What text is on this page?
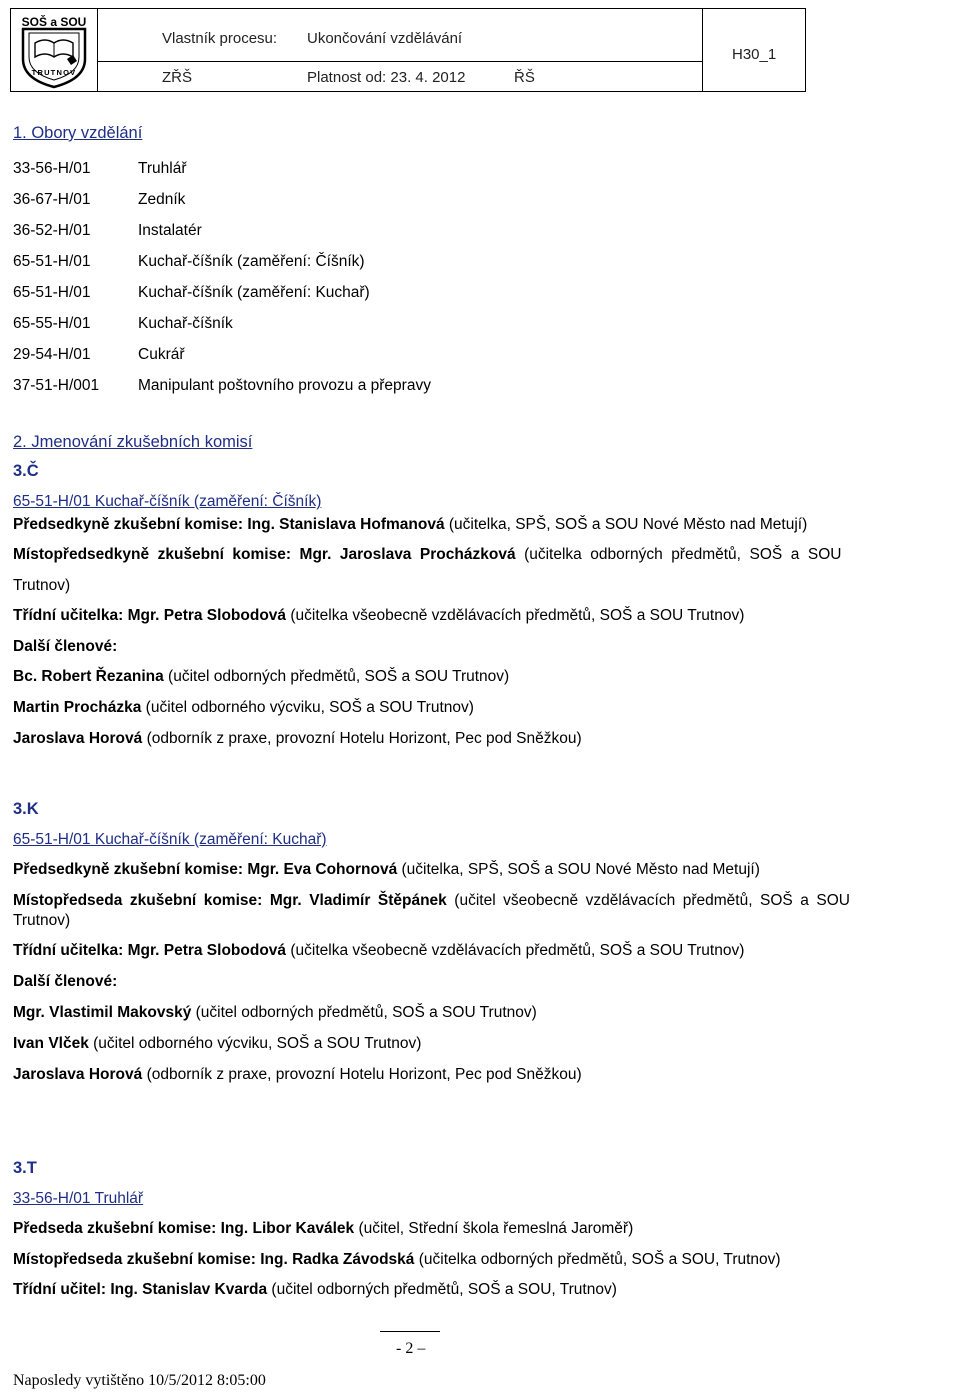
SOŠ a SOU
TRUTNOV
Vlastník procesu: Ukončování vzdělávání
ZŘŠ	Platnost od: 23. 4. 2012	ŘŠ
H30_1
1. Obory vzdělání
33-56-H/01	Truhlář
36-67-H/01	Zedník
36-52-H/01	Instalatér
65-51-H/01	Kuchař-číšník (zaměření: Číšník)
65-51-H/01	Kuchař-číšník (zaměření: Kuchař)
65-55-H/01	Kuchař-číšník
29-54-H/01	Cukrář
37-51-H/001	Manipulant poštovního provozu a přepravy
2. Jmenování zkušebních komisí
3.Č
65-51-H/01 Kuchař-číšník (zaměření: Číšník)
Předsedkyně zkušební komise: Ing. Stanislava Hofmanová (učitelka, SPŠ, SOŠ a SOU Nové Město nad Metují)
Místopředsedkyně zkušební komise: Mgr. Jaroslava Procházková (učitelka odborných předmětů, SOŠ a SOU
Trutnov)
Třídní učitelka: Mgr. Petra Slobodová (učitelka všeobecně vzdělávacích předmětů, SOŠ a SOU Trutnov)
Další členové:
Bc. Robert Řezanina (učitel odborných předmětů, SOŠ a SOU Trutnov)
Martin Procházka (učitel odborného výcviku, SOŠ a SOU Trutnov)
Jaroslava Horová (odborník z praxe, provozní Hotelu Horizont, Pec pod Sněžkou)
3.K
65-51-H/01 Kuchař-číšník (zaměření: Kuchař)
Předsedkyně zkušební komise: Mgr. Eva Cohornová (učitelka, SPŠ, SOŠ a SOU Nové Město nad Metují)
Místopředseda zkušební komise: Mgr. Vladimír Štěpánek (učitel všeobecně vzdělávacích předmětů, SOŠ a SOU
Trutnov)
Třídní učitelka: Mgr. Petra Slobodová (učitelka všeobecně vzdělávacích předmětů, SOŠ a SOU Trutnov)
Další členové:
Mgr. Vlastimil Makovský (učitel odborných předmětů, SOŠ a SOU Trutnov)
Ivan Vlček (učitel odborného výcviku, SOŠ a SOU Trutnov)
Jaroslava Horová (odborník z praxe, provozní Hotelu Horizont, Pec pod Sněžkou)
3.T
33-56-H/01 Truhlář
Předseda zkušební komise: Ing. Libor Kaválek (učitel, Střední škola řemeslná Jaroměř)
Místopředseda zkušební komise: Ing. Radka Závodská (učitelka odborných předmětů, SOŠ a SOU, Trutnov)
Třídní učitel: Ing. Stanislav Kvarda (učitel odborných předmětů, SOŠ a SOU, Trutnov)
- 2 –
Naposledy vytištěno 10/5/2012 8:05:00
